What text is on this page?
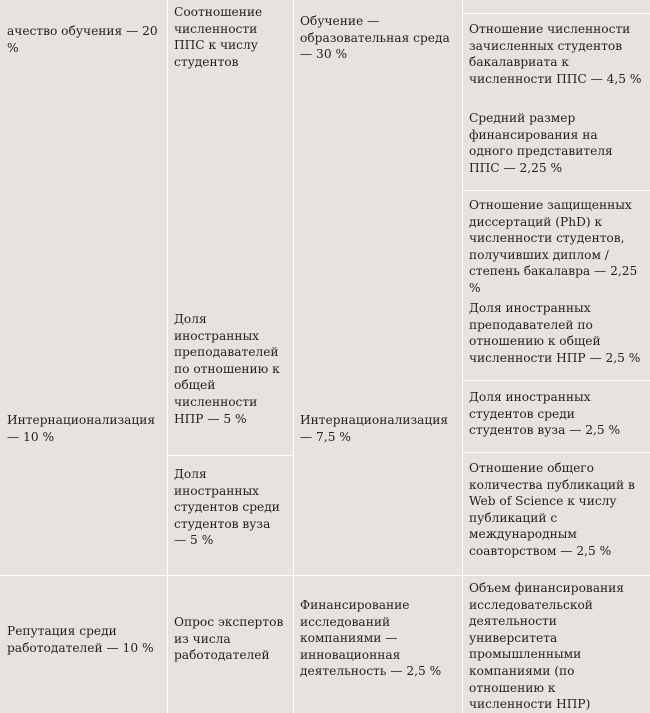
ачество обучения — 20 %

Соотношение численности ППС к числу студентов

Обучение — образовательная среда — 30 %

Отношение численности зачисленных студентов бакалавриата к численности ППС — 4,5 %

Средний размер финансирования на одного представителя ППС — 2,25 %

Отношение защищенных диссертаций (PhD) к численности студентов, получивших диплом / степень бакалавра — 2,25 %

Интернационализация — 10 %

Доля иностранных преподавателей по отношению к общей численности НПР — 5 %

Доля иностранных студентов среди студентов вуза — 5 %

Интернационализация — 7,5 %

Доля иностранных преподавателей по отношению к общей численности НПР — 2,5 %

Доля иностранных студентов среди студентов вуза — 2,5 %

Отношение общего количества публикаций в Web of Science к числу публикаций с международным соавторством — 2,5 %

Репутация среди работодателей — 10 %

Опрос экспертов из числа работодателей

Финансирование исследований компаниями — инновационная деятельность — 2,5 %

Объем финансирования исследовательской деятельности университета промышленными компаниями (по отношению к численности НПР)
